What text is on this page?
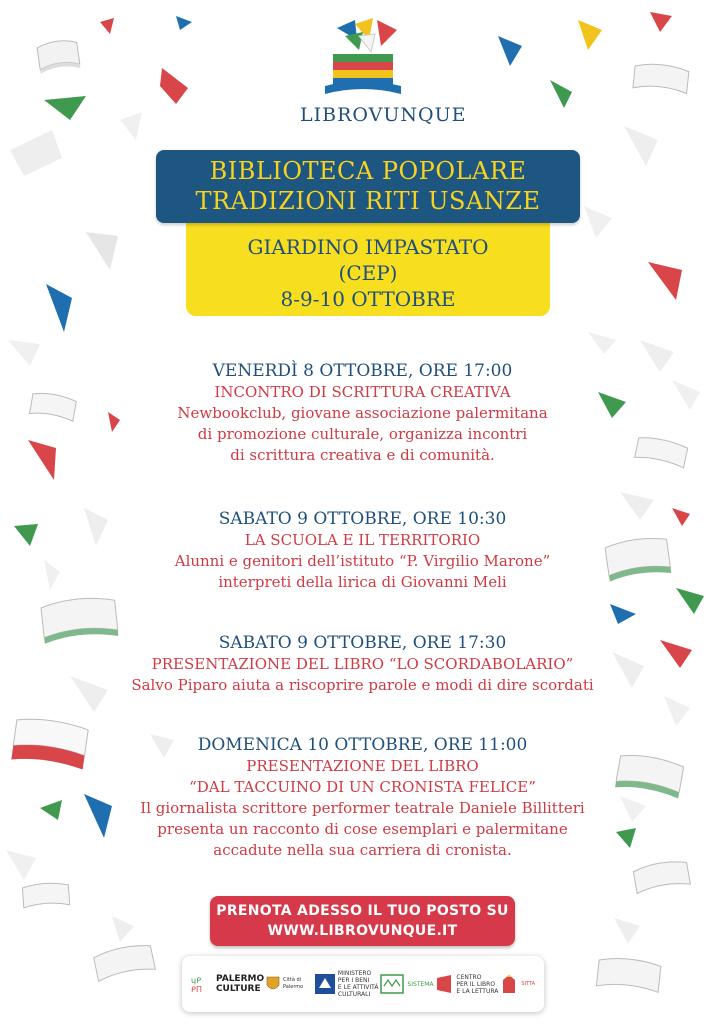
LIBROVUNQUE
BIBLIOTECA POPOLARE
TRADIZIONI RITI USANZE
GIARDINO IMPASTATO
(CEP)
8-9-10 OTTOBRE
VENERDÌ 8 OTTOBRE, ORE 17:00
INCONTRO DI SCRITTURA CREATIVA
Newbookclub, giovane associazione palermitana
di promozione culturale, organizza incontri
di scrittura creativa e di comunità.
SABATO 9 OTTOBRE, ORE 10:30
LA SCUOLA E IL TERRITORIO
Alunni e genitori dell’istituto “P. Virgilio Marone”
interpreti della lirica di Giovanni Meli
SABATO 9 OTTOBRE, ORE 17:30
PRESENTAZIONE DEL LIBRO “LO SCORDABOLARIO”
Salvo Piparo aiuta a riscoprire parole e modi di dire scordati
DOMENICA 10 OTTOBRE, ORE 11:00
PRESENTAZIONE DEL LIBRO
“DAL TACCUINO DI UN CRONISTA FELICE”
Il giornalista scrittore performer teatrale Daniele Billitteri
presenta un racconto di cose esemplari e palermitane
accadute nella sua carriera di cronista.
PRENOTA ADESSO IL TUO POSTO SU
WWW.LIBROVUNQUE.IT
ɥᑭ
ᑭΠ
PALERMO
CULTURE
Città di Palermo
MINISTERO
PER I BENI
E LE ATTIVITÀ
CULTURALI
SISTEMA
CENTRO
PER IL LIBRO
E LA LETTURA
SITTA
